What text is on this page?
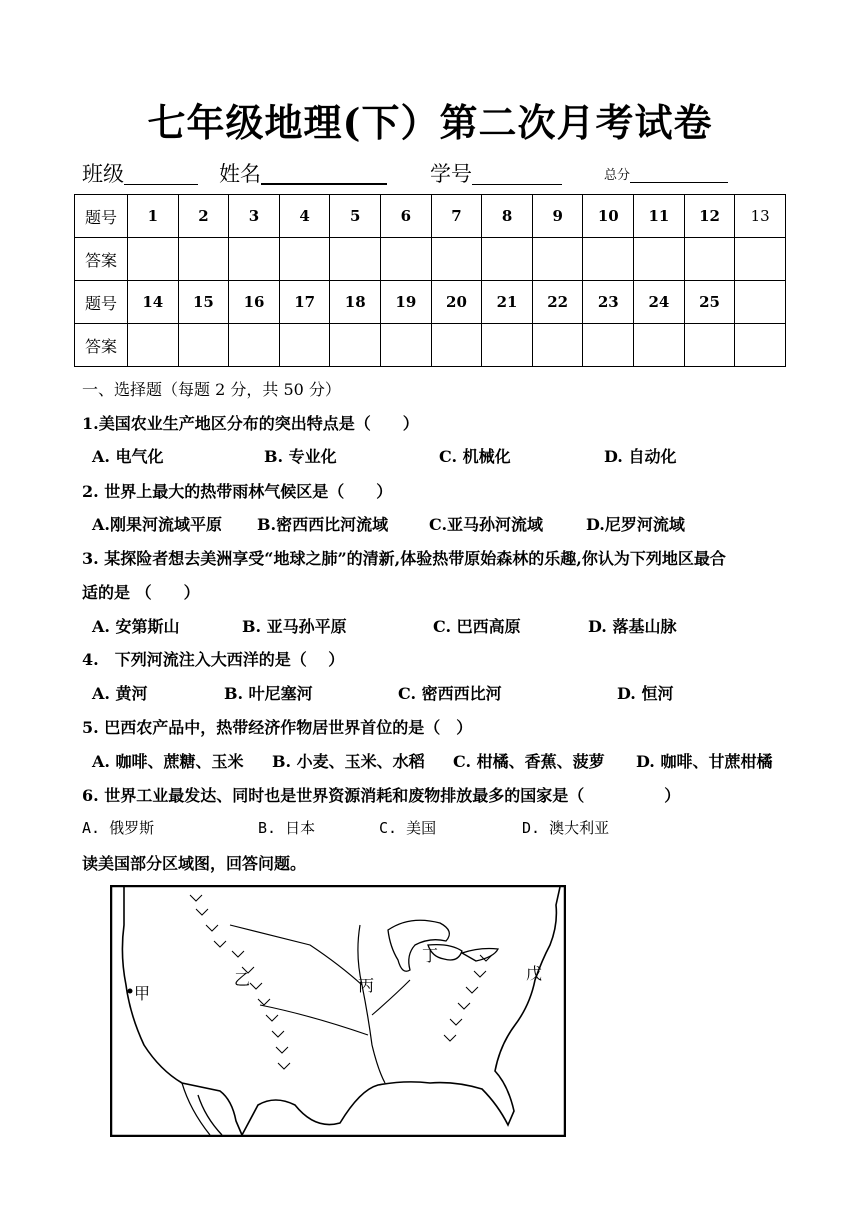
七年级地理(下）第二次月考试卷
班级	姓名	学号	总分
题号	1	2	3	4	5	6	7	8	9	10	11	12	13
答案													
题号	14	15	16	17	18	19	20	21	22	23	24	25	
答案													
一、选择题（每题 2 分，共 50 分）
1.美国农业生产地区分布的突出特点是（　　）
A. 电气化	B. 专业化	C. 机械化	D. 自动化
2. 世界上最大的热带雨林气候区是（　　）
A.刚果河流域平原 B.密西西比河流域	C.亚马孙河流域	D.尼罗河流域
3. 某探险者想去美洲享受“地球之肺”的清新,体验热带原始森林的乐趣,你认为下列地区最合
适的是 （　　）
A. 安第斯山	B. 亚马孙平原	C. 巴西高原	D. 落基山脉
4.　下列河流注入大西洋的是（　 ）
A. 黄河	B. 叶尼塞河	C. 密西西比河	D. 恒河
5. 巴西农产品中，热带经济作物居世界首位的是（　）
A. 咖啡、蔗糖、玉米 B. 小麦、玉米、水稻 C. 柑橘、香蕉、菠萝 D. 咖啡、甘蔗柑橘
6. 世界工业最发达、同时也是世界资源消耗和废物排放最多的国家是（　　　　　）
A. 俄罗斯	B. 日本	C. 美国	D. 澳大利亚
读美国部分区域图，回答问题。
甲
乙	丙
丁
戊
